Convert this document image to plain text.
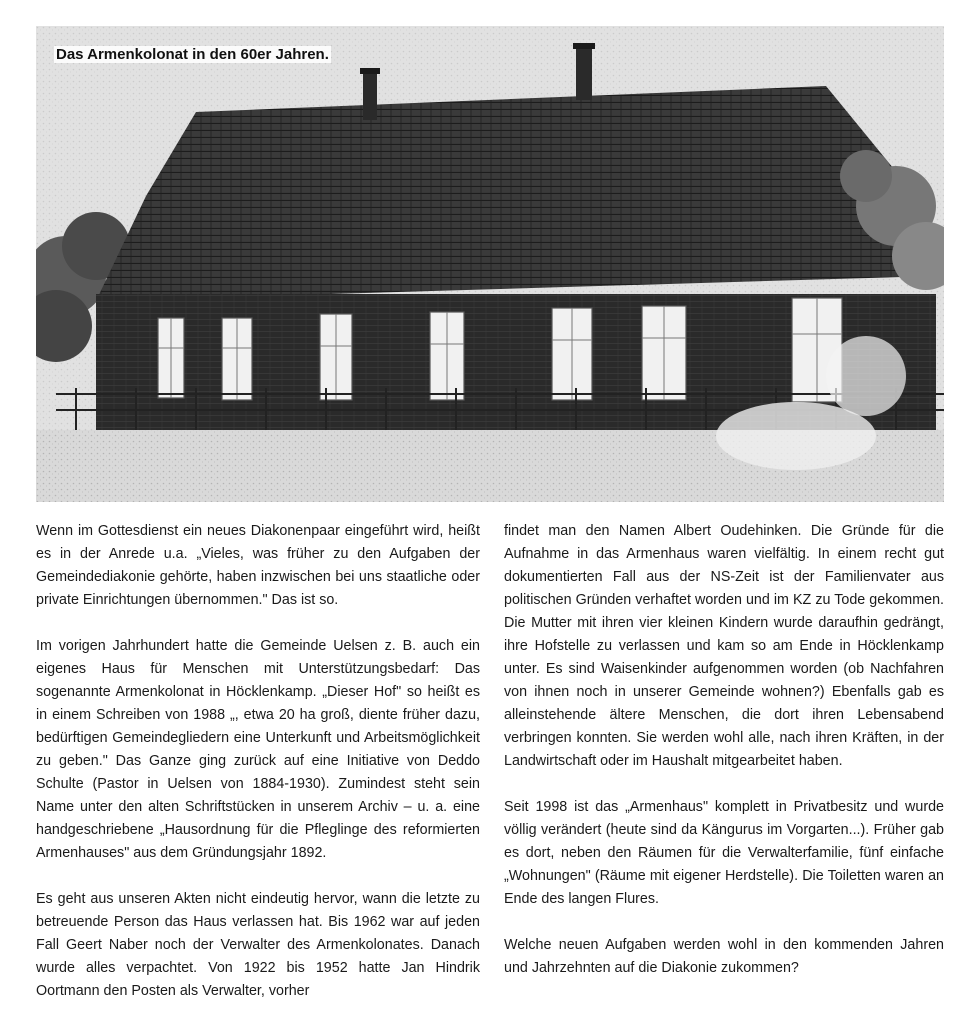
Das Armenkolonat in den 60er Jahren.

Wenn im Gottesdienst ein neues Diakonenpaar eingeführt wird, heißt es in der Anrede u.a. „Vieles, was früher zu den Aufgaben der Gemeindediakonie gehörte, haben inzwischen bei uns staatliche oder private Einrichtungen übernommen." Das ist so.

Im vorigen Jahrhundert hatte die Gemeinde Uelsen z. B. auch ein eigenes Haus für Menschen mit Unterstützungsbedarf: Das sogenannte Armenkolonat in Höcklenkamp. „Dieser Hof" so heißt es in einem Schreiben von 1988 „, etwa 20 ha groß, diente früher dazu, bedürftigen Gemeindegliedern eine Unterkunft und Arbeitsmöglichkeit zu geben." Das Ganze ging zurück auf eine Initiative von Deddo Schulte (Pastor in Uelsen von 1884-1930). Zumindest steht sein Name unter den alten Schriftstücken in unserem Archiv – u. a. eine handgeschriebene „Hausordnung für die Pfleglinge des reformierten Armenhauses" aus dem Gründungsjahr 1892.

Es geht aus unseren Akten nicht eindeutig hervor, wann die letzte zu betreuende Person das Haus verlassen hat. Bis 1962 war auf jeden Fall Geert Naber noch der Verwalter des Armenkolonates. Danach wurde alles verpachtet. Von 1922 bis 1952 hatte Jan Hindrik Oortmann den Posten als Verwalter, vorher

findet man den Namen Albert Oudehinken. Die Gründe für die Aufnahme in das Armenhaus waren vielfältig. In einem recht gut dokumentierten Fall aus der NS-Zeit ist der Familienvater aus politischen Gründen verhaftet worden und im KZ zu Tode gekommen. Die Mutter mit ihren vier kleinen Kindern wurde daraufhin gedrängt, ihre Hofstelle zu verlassen und kam so am Ende in Höcklenkamp unter. Es sind Waisenkinder aufgenommen worden (ob Nachfahren von ihnen noch in unserer Gemeinde wohnen?) Ebenfalls gab es alleinstehende ältere Menschen, die dort ihren Lebensabend verbringen konnten. Sie werden wohl alle, nach ihren Kräften, in der Landwirtschaft oder im Haushalt mitgearbeitet haben.

Seit 1998 ist das „Armenhaus" komplett in Privatbesitz und wurde völlig verändert (heute sind da Kängurus im Vorgarten...). Früher gab es dort, neben den Räumen für die Verwalterfamilie, fünf einfache „Wohnungen" (Räume mit eigener Herdstelle). Die Toiletten waren an Ende des langen Flures.

Welche neuen Aufgaben werden wohl in den kommenden Jahren und Jahrzehnten auf die Diakonie zukommen?
